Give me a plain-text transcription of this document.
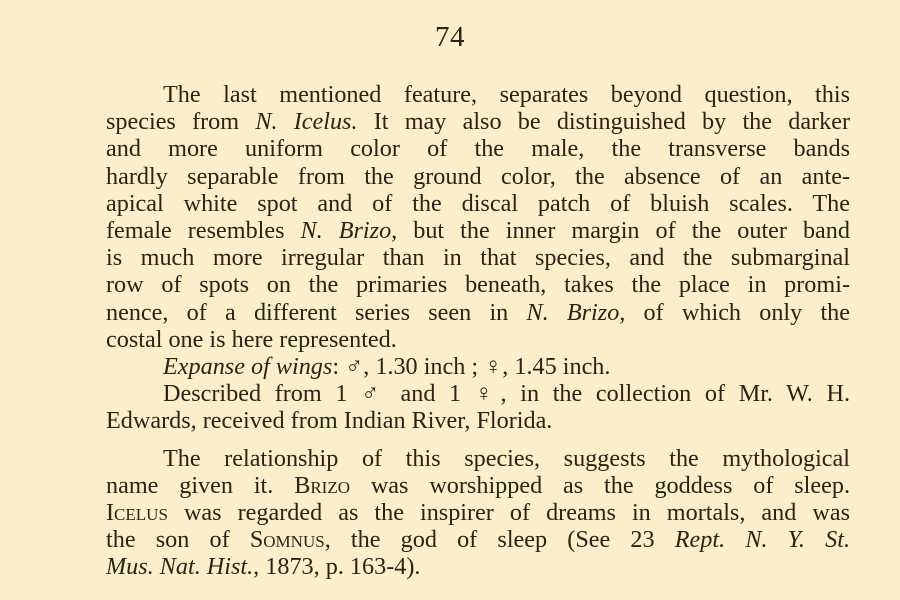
74
The last mentioned feature, separates beyond question, this
species from N. Icelus. It may also be distinguished by the darker
and more uniform color of the male, the transverse bands
hardly separable from the ground color, the absence of an ante-
apical white spot and of the discal patch of bluish scales. The
female resembles N. Brizo, but the inner margin of the outer band
is much more irregular than in that species, and the submarginal
row of spots on the primaries beneath, takes the place in promi-
nence, of a different series seen in N. Brizo, of which only the
costal one is here represented.
Expanse of wings: ♂, 1.30 inch ; ♀, 1.45 inch.
Described from 1 ♂ and 1 ♀, in the collection of Mr. W. H.
Edwards, received from Indian River, Florida.
The relationship of this species, suggests the mythological
name given it. Brizo was worshipped as the goddess of sleep.
Icelus was regarded as the inspirer of dreams in mortals, and was
the son of Somnus, the god of sleep (See 23 Rept. N. Y. St.
Mus. Nat. Hist., 1873, p. 163-4).
